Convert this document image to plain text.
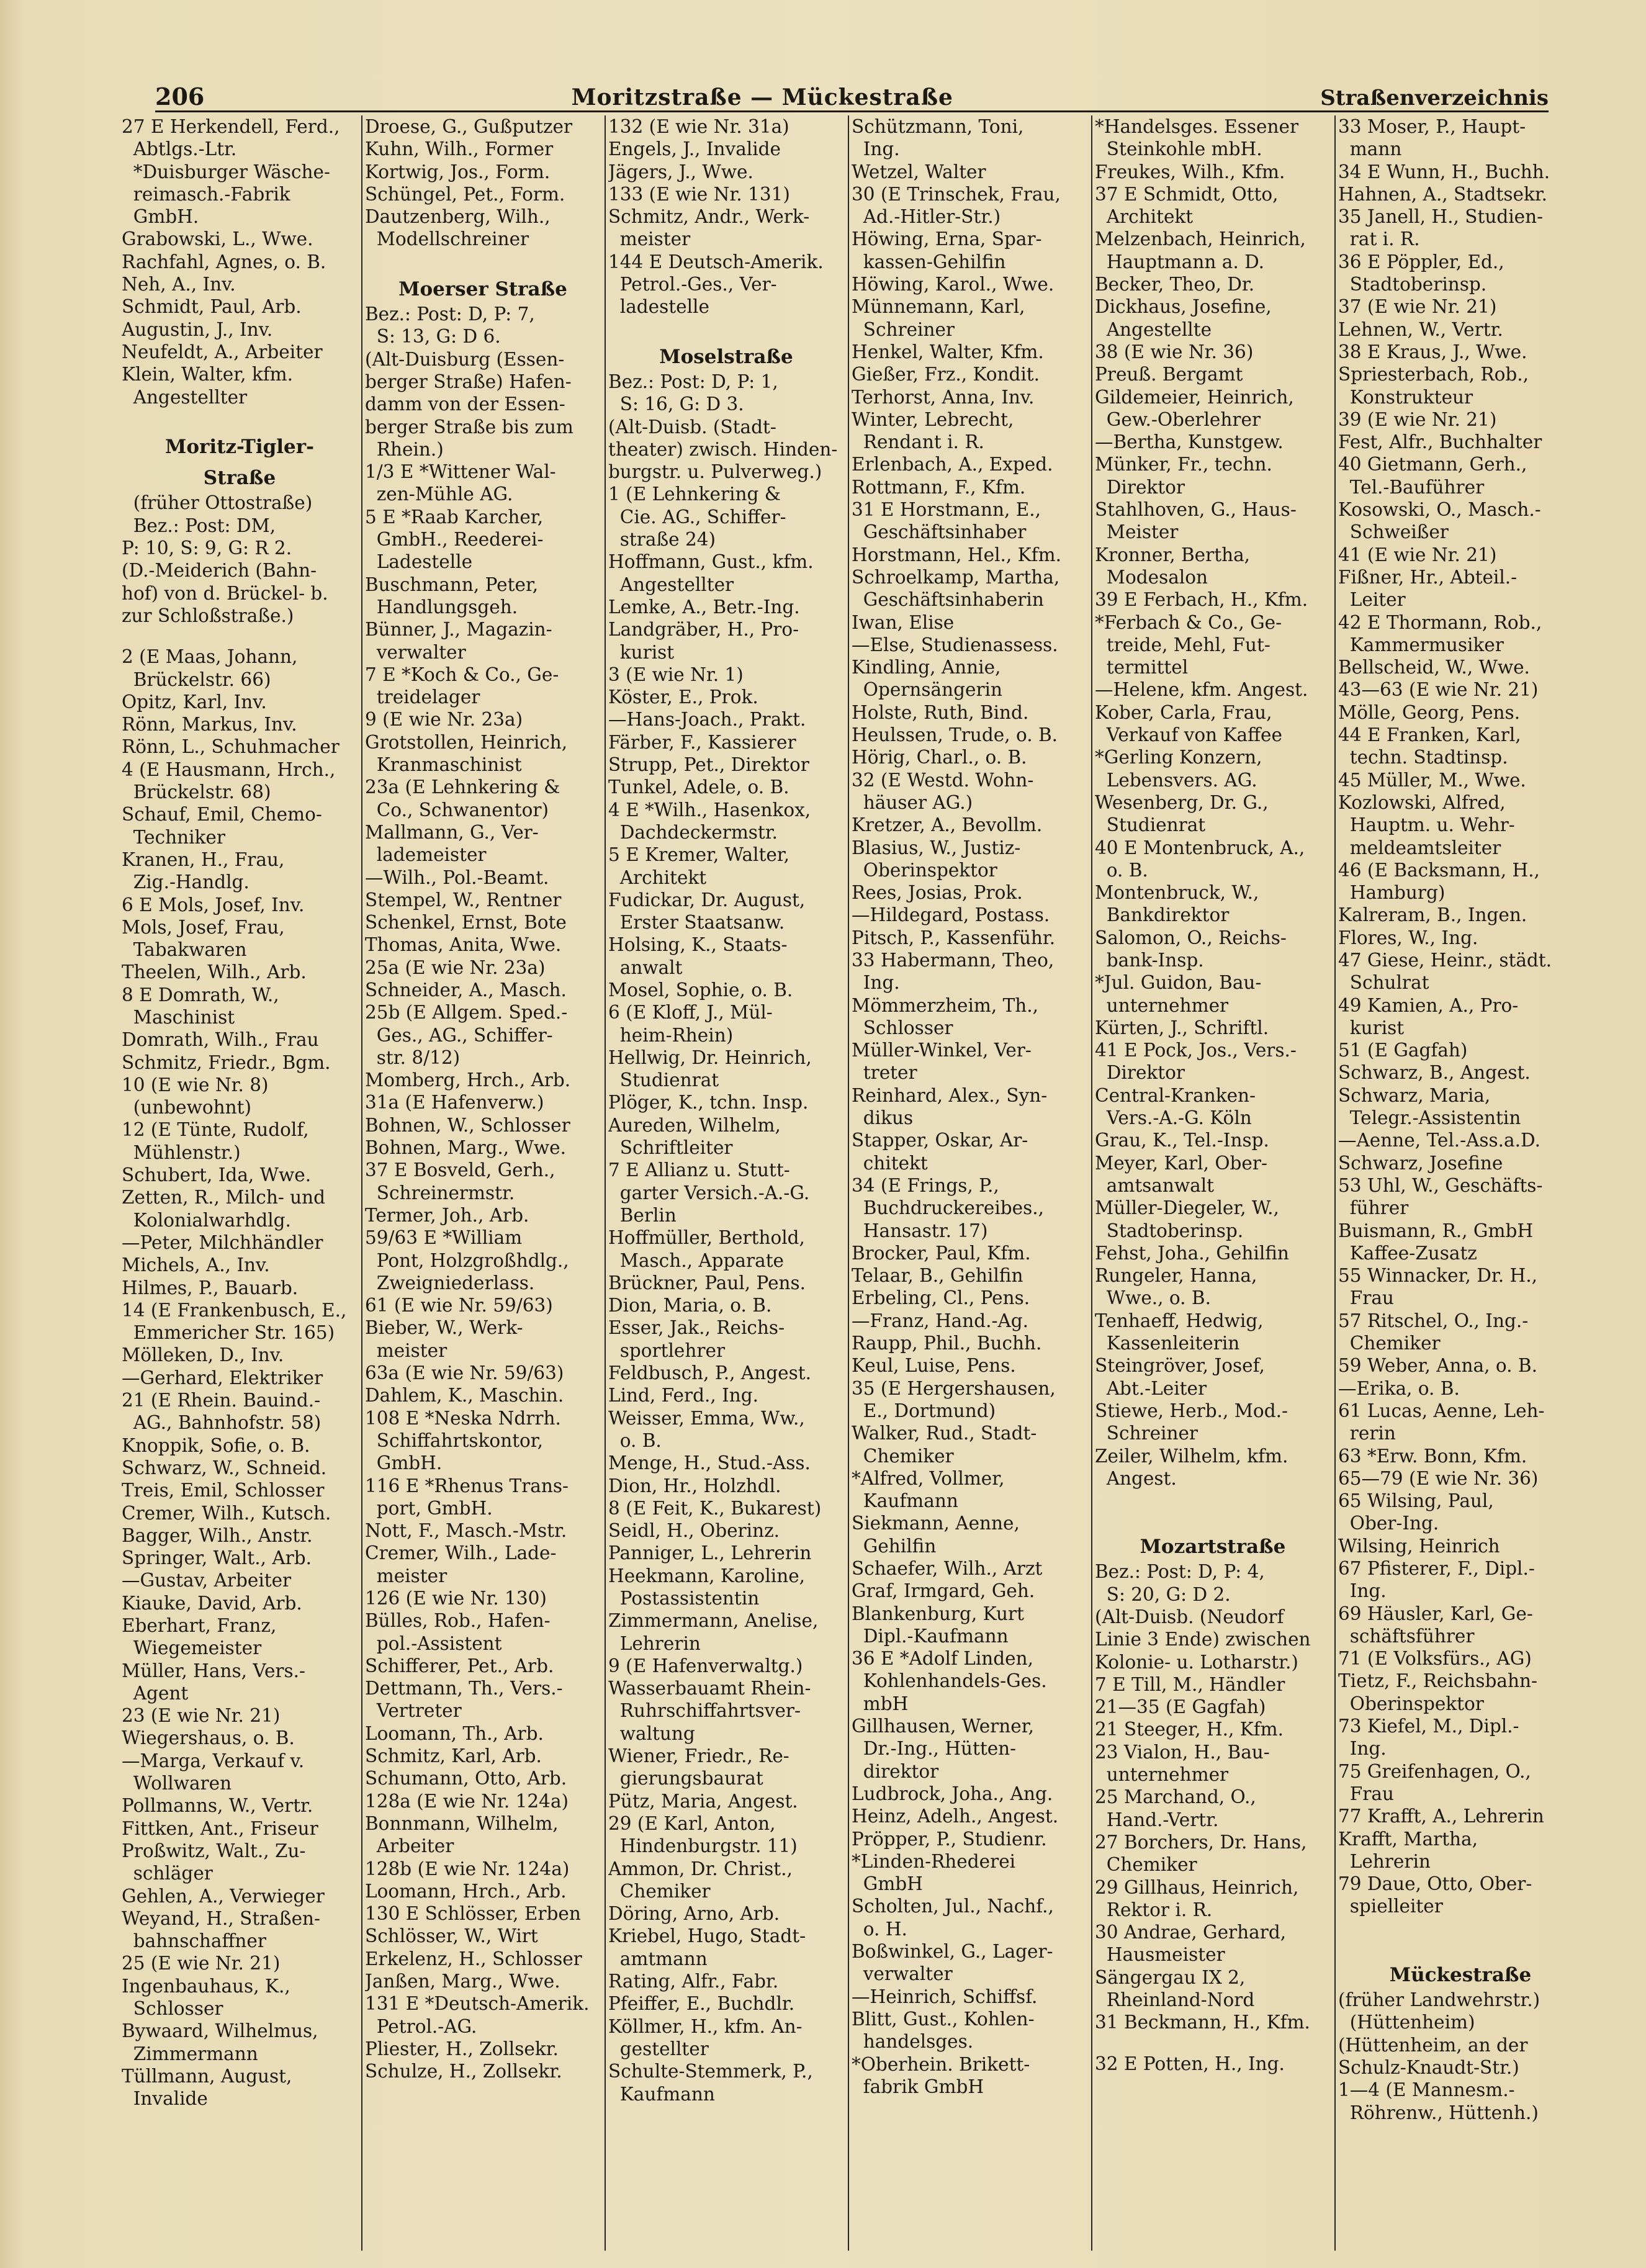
206	Moritzstraße — Mückestraße	Straßenverzeichnis
27 E Herkendell, Ferd.,
Abtlgs.-Ltr.
*Duisburger Wäsche-
reimasch.-Fabrik
GmbH.
Grabowski, L., Wwe.
Rachfahl, Agnes, o. B.
Neh, A., Inv.
Schmidt, Paul, Arb.
Augustin, J., Inv.
Neufeldt, A., Arbeiter
Klein, Walter, kfm.
Angestellter
Moritz-Tigler-
Straße
(früher Ottostraße)
Bez.: Post: DM,
P: 10, S: 9, G: R 2.
(D.-Meiderich (Bahn-
hof) von d. Brückel- b.
zur Schloßstraße.)
2 (E Maas, Johann,
Brückelstr. 66)
Opitz, Karl, Inv.
Rönn, Markus, Inv.
Rönn, L., Schuhmacher
4 (E Hausmann, Hrch.,
Brückelstr. 68)
Schauf, Emil, Chemo-
Techniker
Kranen, H., Frau,
Zig.-Handlg.
6 E Mols, Josef, Inv.
Mols, Josef, Frau,
Tabakwaren
Theelen, Wilh., Arb.
8 E Domrath, W.,
Maschinist
Domrath, Wilh., Frau
Schmitz, Friedr., Bgm.
10 (E wie Nr. 8)
(unbewohnt)
12 (E Tünte, Rudolf,
Mühlenstr.)
Schubert, Ida, Wwe.
Zetten, R., Milch- und
Kolonialwarhdlg.
—Peter, Milchhändler
Michels, A., Inv.
Hilmes, P., Bauarb.
14 (E Frankenbusch, E.,
Emmericher Str. 165)
Mölleken, D., Inv.
—Gerhard, Elektriker
21 (E Rhein. Bauind.-
AG., Bahnhofstr. 58)
Knoppik, Sofie, o. B.
Schwarz, W., Schneid.
Treis, Emil, Schlosser
Cremer, Wilh., Kutsch.
Bagger, Wilh., Anstr.
Springer, Walt., Arb.
—Gustav, Arbeiter
Kiauke, David, Arb.
Eberhart, Franz,
Wiegemeister
Müller, Hans, Vers.-
Agent
23 (E wie Nr. 21)
Wiegershaus, o. B.
—Marga, Verkauf v.
Wollwaren
Pollmanns, W., Vertr.
Fittken, Ant., Friseur
Proßwitz, Walt., Zu-
schläger
Gehlen, A., Verwieger
Weyand, H., Straßen-
bahnschaffner
25 (E wie Nr. 21)
Ingenbauhaus, K.,
Schlosser
Bywaard, Wilhelmus,
Zimmermann
Tüllmann, August,
Invalide
Droese, G., Gußputzer
Kuhn, Wilh., Former
Kortwig, Jos., Form.
Schüngel, Pet., Form.
Dautzenberg, Wilh.,
Modellschreiner
Moerser Straße
Bez.: Post: D, P: 7,
S: 13, G: D 6.
(Alt-Duisburg (Essen-
berger Straße) Hafen-
damm von der Essen-
berger Straße bis zum
Rhein.)
1/3 E *Wittener Wal-
zen-Mühle AG.
5 E *Raab Karcher,
GmbH., Reederei-
Ladestelle
Buschmann, Peter,
Handlungsgeh.
Bünner, J., Magazin-
verwalter
7 E *Koch & Co., Ge-
treidelager
9 (E wie Nr. 23a)
Grotstollen, Heinrich,
Kranmaschinist
23a (E Lehnkering &
Co., Schwanentor)
Mallmann, G., Ver-
lademeister
—Wilh., Pol.-Beamt.
Stempel, W., Rentner
Schenkel, Ernst, Bote
Thomas, Anita, Wwe.
25a (E wie Nr. 23a)
Schneider, A., Masch.
25b (E Allgem. Sped.-
Ges., AG., Schiffer-
str. 8/12)
Momberg, Hrch., Arb.
31a (E Hafenverw.)
Bohnen, W., Schlosser
Bohnen, Marg., Wwe.
37 E Bosveld, Gerh.,
Schreinermstr.
Termer, Joh., Arb.
59/63 E *William
Pont, Holzgroßhdlg.,
Zweigniederlass.
61 (E wie Nr. 59/63)
Bieber, W., Werk-
meister
63a (E wie Nr. 59/63)
Dahlem, K., Maschin.
108 E *Neska Ndrrh.
Schiffahrtskontor,
GmbH.
116 E *Rhenus Trans-
port, GmbH.
Nott, F., Masch.-Mstr.
Cremer, Wilh., Lade-
meister
126 (E wie Nr. 130)
Bülles, Rob., Hafen-
pol.-Assistent
Schifferer, Pet., Arb.
Dettmann, Th., Vers.-
Vertreter
Loomann, Th., Arb.
Schmitz, Karl, Arb.
Schumann, Otto, Arb.
128a (E wie Nr. 124a)
Bonnmann, Wilhelm,
Arbeiter
128b (E wie Nr. 124a)
Loomann, Hrch., Arb.
130 E Schlösser, Erben
Schlösser, W., Wirt
Erkelenz, H., Schlosser
Janßen, Marg., Wwe.
131 E *Deutsch-Amerik.
Petrol.-AG.
Pliester, H., Zollsekr.
Schulze, H., Zollsekr.
132 (E wie Nr. 31a)
Engels, J., Invalide
Jägers, J., Wwe.
133 (E wie Nr. 131)
Schmitz, Andr., Werk-
meister
144 E Deutsch-Amerik.
Petrol.-Ges., Ver-
ladestelle
Moselstraße
Bez.: Post: D, P: 1,
S: 16, G: D 3.
(Alt-Duisb. (Stadt-
theater) zwisch. Hinden-
burgstr. u. Pulverweg.)
1 (E Lehnkering &
Cie. AG., Schiffer-
straße 24)
Hoffmann, Gust., kfm.
Angestellter
Lemke, A., Betr.-Ing.
Landgräber, H., Pro-
kurist
3 (E wie Nr. 1)
Köster, E., Prok.
—Hans-Joach., Prakt.
Färber, F., Kassierer
Strupp, Pet., Direktor
Tunkel, Adele, o. B.
4 E *Wilh., Hasenkox,
Dachdeckermstr.
5 E Kremer, Walter,
Architekt
Fudickar, Dr. August,
Erster Staatsanw.
Holsing, K., Staats-
anwalt
Mosel, Sophie, o. B.
6 (E Kloff, J., Mül-
heim-Rhein)
Hellwig, Dr. Heinrich,
Studienrat
Plöger, K., tchn. Insp.
Aureden, Wilhelm,
Schriftleiter
7 E Allianz u. Stutt-
garter Versich.-A.-G.
Berlin
Hoffmüller, Berthold,
Masch., Apparate
Brückner, Paul, Pens.
Dion, Maria, o. B.
Esser, Jak., Reichs-
sportlehrer
Feldbusch, P., Angest.
Lind, Ferd., Ing.
Weisser, Emma, Ww.,
o. B.
Menge, H., Stud.-Ass.
Dion, Hr., Holzhdl.
8 (E Feit, K., Bukarest)
Seidl, H., Oberinz.
Panniger, L., Lehrerin
Heekmann, Karoline,
Postassistentin
Zimmermann, Anelise,
Lehrerin
9 (E Hafenverwaltg.)
Wasserbauamt Rhein-
Ruhrschiffahrtsver-
waltung
Wiener, Friedr., Re-
gierungsbaurat
Pütz, Maria, Angest.
29 (E Karl, Anton,
Hindenburgstr. 11)
Ammon, Dr. Christ.,
Chemiker
Döring, Arno, Arb.
Kriebel, Hugo, Stadt-
amtmann
Rating, Alfr., Fabr.
Pfeiffer, E., Buchdlr.
Köllmer, H., kfm. An-
gestellter
Schulte-Stemmerk, P.,
Kaufmann
Schützmann, Toni,
Ing.
Wetzel, Walter
30 (E Trinschek, Frau,
Ad.-Hitler-Str.)
Höwing, Erna, Spar-
kassen-Gehilfin
Höwing, Karol., Wwe.
Münnemann, Karl,
Schreiner
Henkel, Walter, Kfm.
Gießer, Frz., Kondit.
Terhorst, Anna, Inv.
Winter, Lebrecht,
Rendant i. R.
Erlenbach, A., Exped.
Rottmann, F., Kfm.
31 E Horstmann, E.,
Geschäftsinhaber
Horstmann, Hel., Kfm.
Schroelkamp, Martha,
Geschäftsinhaberin
Iwan, Elise
—Else, Studienassess.
Kindling, Annie,
Opernsängerin
Holste, Ruth, Bind.
Heulssen, Trude, o. B.
Hörig, Charl., o. B.
32 (E Westd. Wohn-
häuser AG.)
Kretzer, A., Bevollm.
Blasius, W., Justiz-
Oberinspektor
Rees, Josias, Prok.
—Hildegard, Postass.
Pitsch, P., Kassenführ.
33 Habermann, Theo,
Ing.
Mömmerzheim, Th.,
Schlosser
Müller-Winkel, Ver-
treter
Reinhard, Alex., Syn-
dikus
Stapper, Oskar, Ar-
chitekt
34 (E Frings, P.,
Buchdruckereibes.,
Hansastr. 17)
Brocker, Paul, Kfm.
Telaar, B., Gehilfin
Erbeling, Cl., Pens.
—Franz, Hand.-Ag.
Raupp, Phil., Buchh.
Keul, Luise, Pens.
35 (E Hergershausen,
E., Dortmund)
Walker, Rud., Stadt-
Chemiker
*Alfred, Vollmer,
Kaufmann
Siekmann, Aenne,
Gehilfin
Schaefer, Wilh., Arzt
Graf, Irmgard, Geh.
Blankenburg, Kurt
Dipl.-Kaufmann
36 E *Adolf Linden,
Kohlenhandels-Ges.
mbH
Gillhausen, Werner,
Dr.-Ing., Hütten-
direktor
Ludbrock, Joha., Ang.
Heinz, Adelh., Angest.
Pröpper, P., Studienr.
*Linden-Rhederei
GmbH
Scholten, Jul., Nachf.,
o. H.
Boßwinkel, G., Lager-
verwalter
—Heinrich, Schiffsf.
Blitt, Gust., Kohlen-
handelsges.
*Oberhein. Brikett-
fabrik GmbH
*Handelsges. Essener
Steinkohle mbH.
Freukes, Wilh., Kfm.
37 E Schmidt, Otto,
Architekt
Melzenbach, Heinrich,
Hauptmann a. D.
Becker, Theo, Dr.
Dickhaus, Josefine,
Angestellte
38 (E wie Nr. 36)
Preuß. Bergamt
Gildemeier, Heinrich,
Gew.-Oberlehrer
—Bertha, Kunstgew.
Münker, Fr., techn.
Direktor
Stahlhoven, G., Haus-
Meister
Kronner, Bertha,
Modesalon
39 E Ferbach, H., Kfm.
*Ferbach & Co., Ge-
treide, Mehl, Fut-
termittel
—Helene, kfm. Angest.
Kober, Carla, Frau,
Verkauf von Kaffee
*Gerling Konzern,
Lebensvers. AG.
Wesenberg, Dr. G.,
Studienrat
40 E Montenbruck, A.,
o. B.
Montenbruck, W.,
Bankdirektor
Salomon, O., Reichs-
bank-Insp.
*Jul. Guidon, Bau-
unternehmer
Kürten, J., Schriftl.
41 E Pock, Jos., Vers.-
Direktor
Central-Kranken-
Vers.-A.-G. Köln
Grau, K., Tel.-Insp.
Meyer, Karl, Ober-
amtsanwalt
Müller-Diegeler, W.,
Stadtoberinsp.
Fehst, Joha., Gehilfin
Rungeler, Hanna,
Wwe., o. B.
Tenhaeff, Hedwig,
Kassenleiterin
Steingröver, Josef,
Abt.-Leiter
Stiewe, Herb., Mod.-
Schreiner
Zeiler, Wilhelm, kfm.
Angest.
Mozartstraße
Bez.: Post: D, P: 4,
S: 20, G: D 2.
(Alt-Duisb. (Neudorf
Linie 3 Ende) zwischen
Kolonie- u. Lotharstr.)
7 E Till, M., Händler
21—35 (E Gagfah)
21 Steeger, H., Kfm.
23 Vialon, H., Bau-
unternehmer
25 Marchand, O.,
Hand.-Vertr.
27 Borchers, Dr. Hans,
Chemiker
29 Gillhaus, Heinrich,
Rektor i. R.
30 Andrae, Gerhard,
Hausmeister
Sängergau IX 2,
Rheinland-Nord
31 Beckmann, H., Kfm.
32 E Potten, H., Ing.
33 Moser, P., Haupt-
mann
34 E Wunn, H., Buchh.
Hahnen, A., Stadtsekr.
35 Janell, H., Studien-
rat i. R.
36 E Pöppler, Ed.,
Stadtoberinsp.
37 (E wie Nr. 21)
Lehnen, W., Vertr.
38 E Kraus, J., Wwe.
Spriesterbach, Rob.,
Konstrukteur
39 (E wie Nr. 21)
Fest, Alfr., Buchhalter
40 Gietmann, Gerh.,
Tel.-Bauführer
Kosowski, O., Masch.-
Schweißer
41 (E wie Nr. 21)
Fißner, Hr., Abteil.-
Leiter
42 E Thormann, Rob.,
Kammermusiker
Bellscheid, W., Wwe.
43—63 (E wie Nr. 21)
Mölle, Georg, Pens.
44 E Franken, Karl,
techn. Stadtinsp.
45 Müller, M., Wwe.
Kozlowski, Alfred,
Hauptm. u. Wehr-
meldeamtsleiter
46 (E Backsmann, H.,
Hamburg)
Kalreram, B., Ingen.
Flores, W., Ing.
47 Giese, Heinr., städt.
Schulrat
49 Kamien, A., Pro-
kurist
51 (E Gagfah)
Schwarz, B., Angest.
Schwarz, Maria,
Telegr.-Assistentin
—Aenne, Tel.-Ass.a.D.
Schwarz, Josefine
53 Uhl, W., Geschäfts-
führer
Buismann, R., GmbH
Kaffee-Zusatz
55 Winnacker, Dr. H.,
Frau
57 Ritschel, O., Ing.-
Chemiker
59 Weber, Anna, o. B.
—Erika, o. B.
61 Lucas, Aenne, Leh-
rerin
63 *Erw. Bonn, Kfm.
65—79 (E wie Nr. 36)
65 Wilsing, Paul,
Ober-Ing.
Wilsing, Heinrich
67 Pfisterer, F., Dipl.-
Ing.
69 Häusler, Karl, Ge-
schäftsführer
71 (E Volksfürs., AG)
Tietz, F., Reichsbahn-
Oberinspektor
73 Kiefel, M., Dipl.-
Ing.
75 Greifenhagen, O.,
Frau
77 Krafft, A., Lehrerin
Krafft, Martha,
Lehrerin
79 Daue, Otto, Ober-
spielleiter
Mückestraße
(früher Landwehrstr.)
(Hüttenheim)
(Hüttenheim, an der
Schulz-Knaudt-Str.)
1—4 (E Mannesm.-
Röhrenw., Hüttenh.)
